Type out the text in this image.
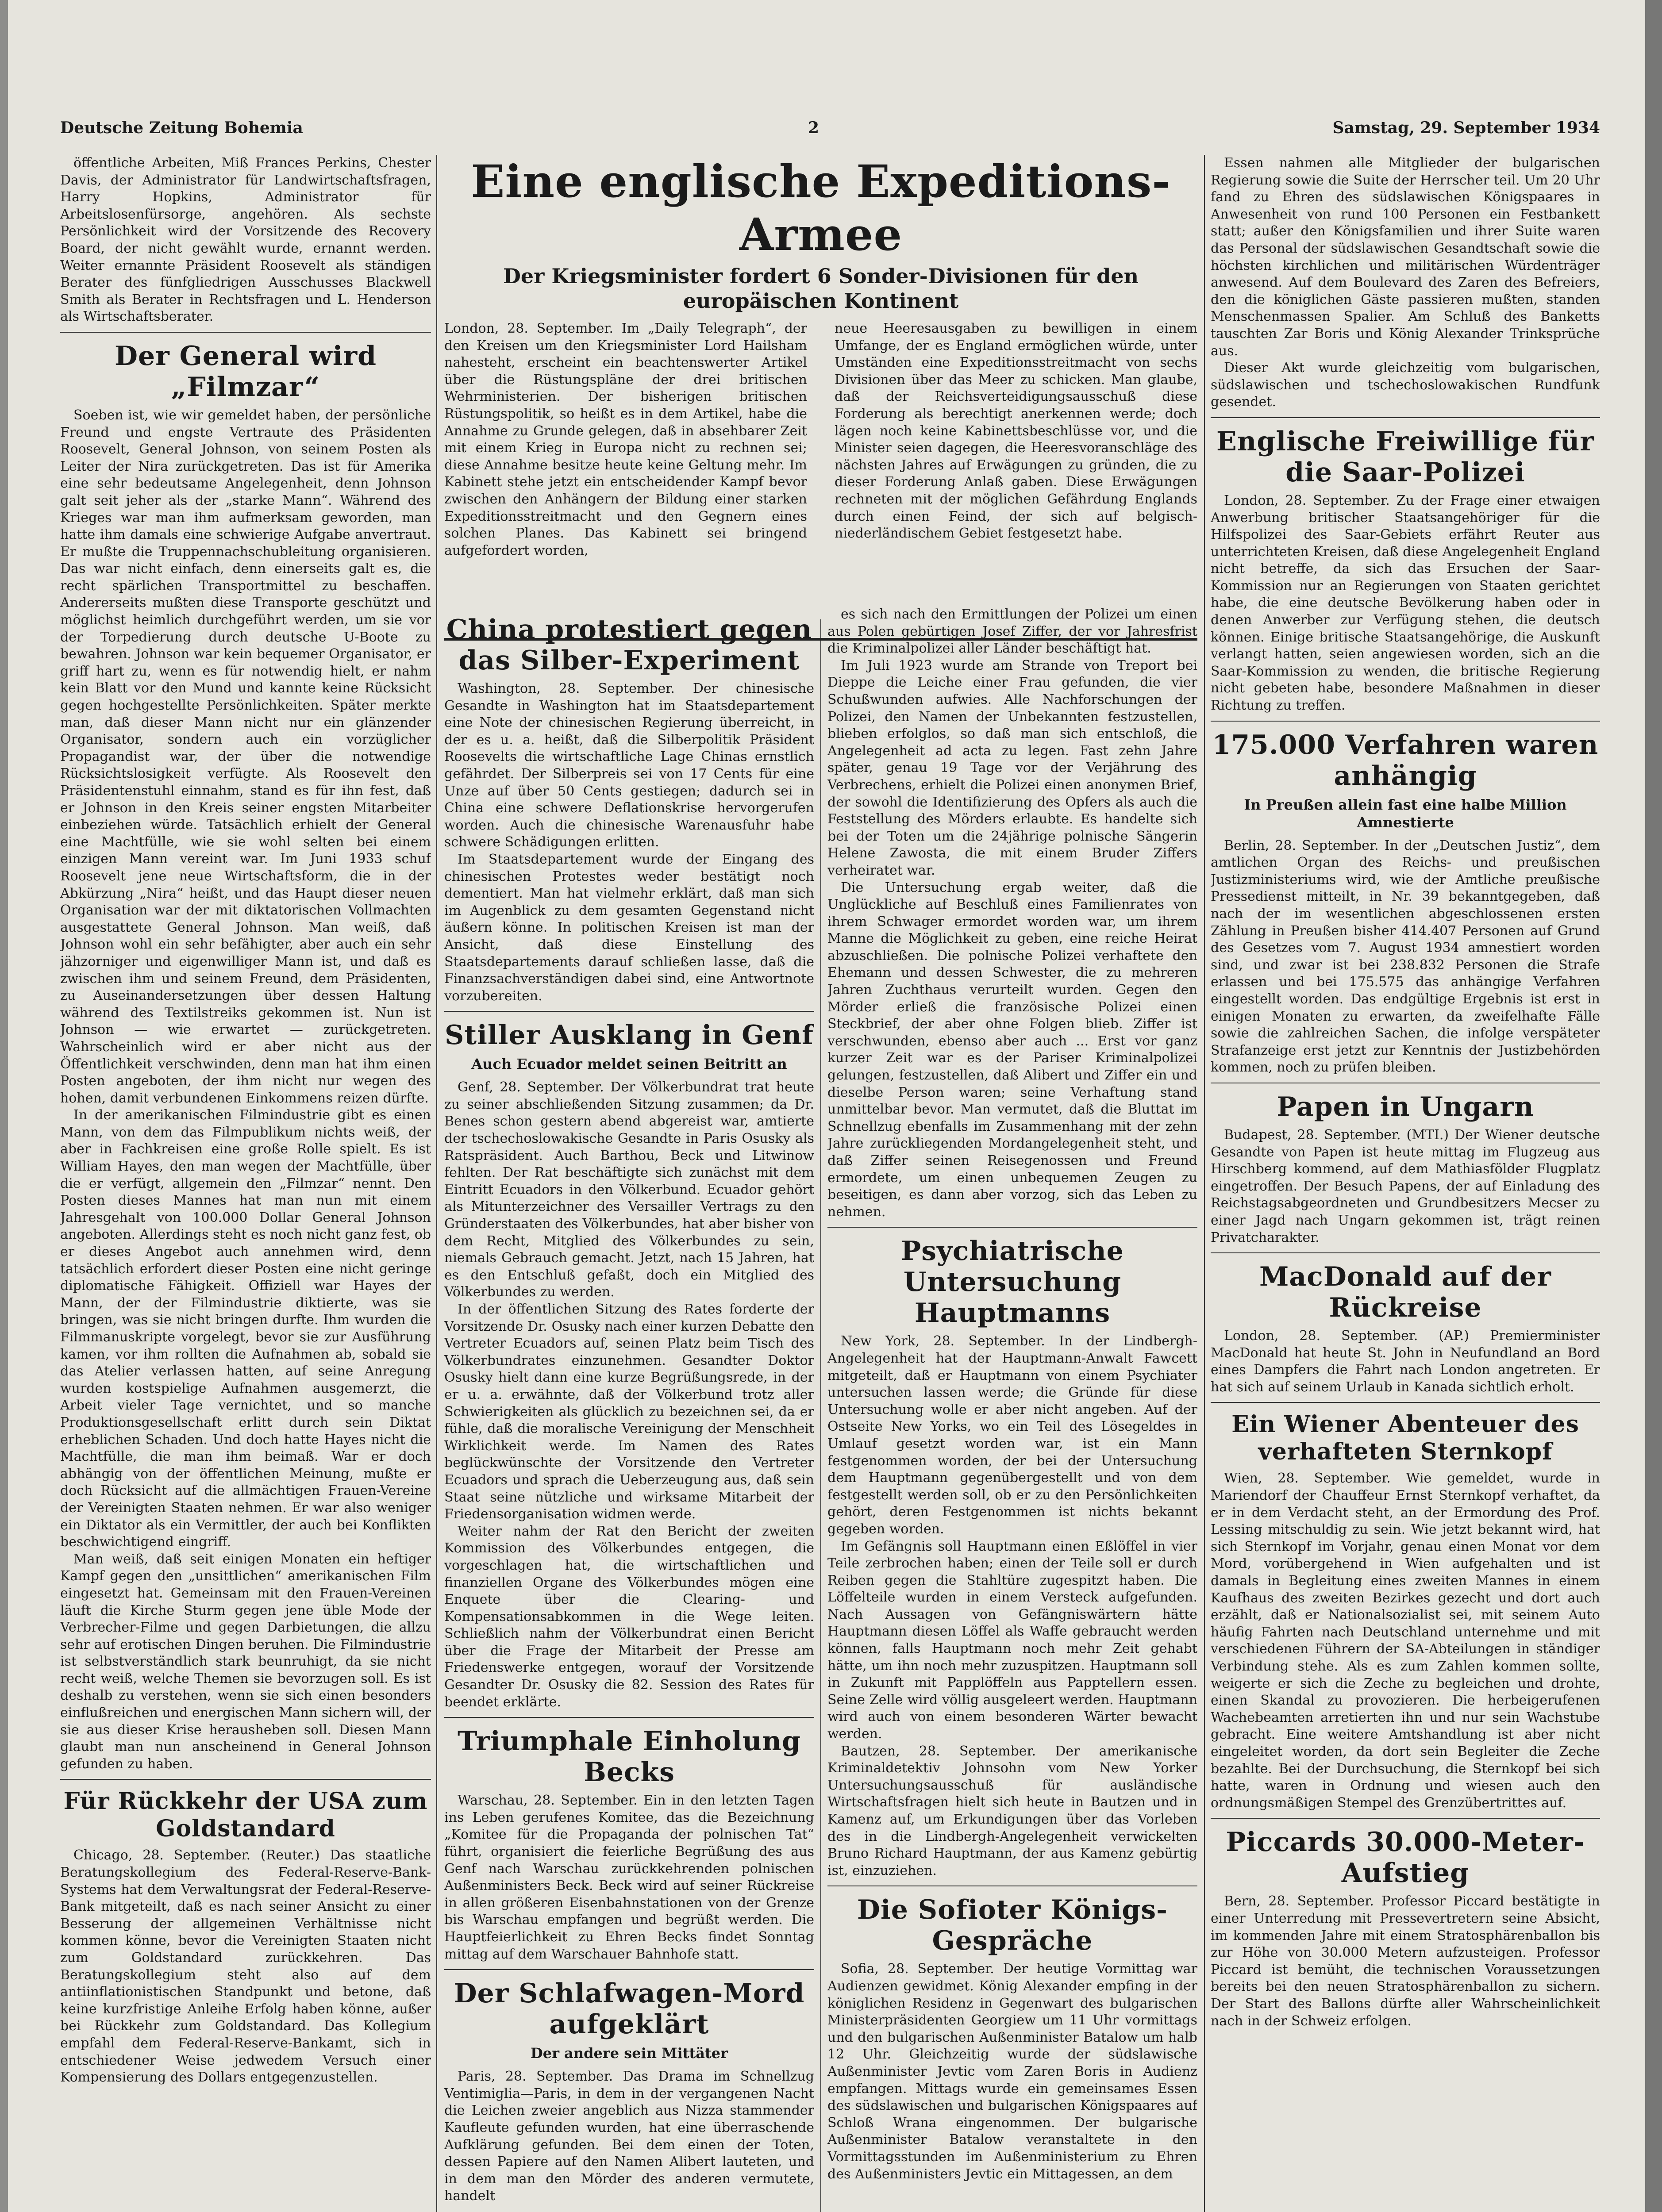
Deutsche Zeitung Bohemia	2	Samstag, 29. September 1934

öffentliche Arbeiten, Miß Frances Perkins, Chester Davis, der Administrator für Landwirtschaftsfragen, Harry Hopkins, Administrator für Arbeitslosenfürsorge, angehören. Als sechste Persönlichkeit wird der Vorsitzende des Recovery Board, der nicht gewählt wurde, ernannt werden. Weiter ernannte Präsident Roosevelt als ständigen Berater des fünfgliedrigen Ausschusses Blackwell Smith als Berater in Rechtsfragen und L. Henderson als Wirtschaftsberater.

Der General wird „Filmzar“

Soeben ist, wie wir gemeldet haben, der persönliche Freund und engste Vertraute des Präsidenten Roosevelt, General Johnson, von seinem Posten als Leiter der Nira zurückgetreten. Das ist für Amerika eine sehr bedeutsame Angelegenheit, denn Johnson galt seit jeher als der „starke Mann“. Während des Krieges war man ihm aufmerksam geworden, man hatte ihm damals eine schwierige Aufgabe anvertraut. Er mußte die Truppennachschubleitung organisieren. Das war nicht einfach, denn einerseits galt es, die recht spärlichen Transportmittel zu beschaffen. Andererseits mußten diese Transporte geschützt und möglichst heimlich durchgeführt werden, um sie vor der Torpedierung durch deutsche U-Boote zu bewahren. Johnson war kein bequemer Organisator, er griff hart zu, wenn es für notwendig hielt, er nahm kein Blatt vor den Mund und kannte keine Rücksicht gegen hochgestellte Persönlichkeiten. Später merkte man, daß dieser Mann nicht nur ein glänzender Organisator, sondern auch ein vorzüglicher Propagandist war, der über die notwendige Rücksichtslosigkeit verfügte. Als Roosevelt den Präsidentenstuhl einnahm, stand es für ihn fest, daß er Johnson in den Kreis seiner engsten Mitarbeiter einbeziehen würde. Tatsächlich erhielt der General eine Machtfülle, wie sie wohl selten bei einem einzigen Mann vereint war. Im Juni 1933 schuf Roosevelt jene neue Wirtschaftsform, die in der Abkürzung „Nira“ heißt, und das Haupt dieser neuen Organisation war der mit diktatorischen Vollmachten ausgestattete General Johnson. Man weiß, daß Johnson wohl ein sehr befähigter, aber auch ein sehr jähzorniger und eigenwilliger Mann ist, und daß es zwischen ihm und seinem Freund, dem Präsidenten, zu Auseinandersetzungen über dessen Haltung während des Textilstreiks gekommen ist. Nun ist Johnson — wie erwartet — zurückgetreten. Wahrscheinlich wird er aber nicht aus der Öffentlichkeit verschwinden, denn man hat ihm einen Posten angeboten, der ihm nicht nur wegen des hohen, damit verbundenen Einkommens reizen dürfte.

In der amerikanischen Filmindustrie gibt es einen Mann, von dem das Filmpublikum nichts weiß, der aber in Fachkreisen eine große Rolle spielt. Es ist William Hayes, den man wegen der Machtfülle, über die er verfügt, allgemein den „Filmzar“ nennt. Den Posten dieses Mannes hat man nun mit einem Jahresgehalt von 100.000 Dollar General Johnson angeboten. Allerdings steht es noch nicht ganz fest, ob er dieses Angebot auch annehmen wird, denn tatsächlich erfordert dieser Posten eine nicht geringe diplomatische Fähigkeit. Offiziell war Hayes der Mann, der der Filmindustrie diktierte, was sie bringen, was sie nicht bringen durfte. Ihm wurden die Filmmanuskripte vorgelegt, bevor sie zur Ausführung kamen, vor ihm rollten die Aufnahmen ab, sobald sie das Atelier verlassen hatten, auf seine Anregung wurden kostspielige Aufnahmen ausgemerzt, die Arbeit vieler Tage vernichtet, und so manche Produktionsgesellschaft erlitt durch sein Diktat erheblichen Schaden. Und doch hatte Hayes nicht die Machtfülle, die man ihm beimaß. War er doch abhängig von der öffentlichen Meinung, mußte er doch Rücksicht auf die allmächtigen Frauen-Vereine der Vereinigten Staaten nehmen. Er war also weniger ein Diktator als ein Vermittler, der auch bei Konflikten beschwichtigend eingriff.

Man weiß, daß seit einigen Monaten ein heftiger Kampf gegen den „unsittlichen“ amerikanischen Film eingesetzt hat. Gemeinsam mit den Frauen-Vereinen läuft die Kirche Sturm gegen jene üble Mode der Verbrecher-Filme und gegen Darbietungen, die allzu sehr auf erotischen Dingen beruhen. Die Filmindustrie ist selbstverständlich stark beunruhigt, da sie nicht recht weiß, welche Themen sie bevorzugen soll. Es ist deshalb zu verstehen, wenn sie sich einen besonders einflußreichen und energischen Mann sichern will, der sie aus dieser Krise herausheben soll. Diesen Mann glaubt man nun anscheinend in General Johnson gefunden zu haben.

Für Rückkehr der USA zum Goldstandard

Chicago, 28. September. (Reuter.) Das staatliche Beratungskollegium des Federal-Reserve-Bank-Systems hat dem Verwaltungsrat der Federal-Reserve-Bank mitgeteilt, daß es nach seiner Ansicht zu einer Besserung der allgemeinen Verhältnisse nicht kommen könne, bevor die Vereinigten Staaten nicht zum Goldstandard zurückkehren. Das Beratungskollegium steht also auf dem antiinflationistischen Standpunkt und betone, daß keine kurzfristige Anleihe Erfolg haben könne, außer bei Rückkehr zum Goldstandard. Das Kollegium empfahl dem Federal-Reserve-Bankamt, sich in entschiedener Weise jedwedem Versuch einer Kompensierung des Dollars entgegenzustellen.

Eine englische Expeditions-Armee
Der Kriegsminister fordert 6 Sonder-Divisionen für den europäischen Kontinent
London, 28. September. Im „Daily Telegraph“, der den Kreisen um den Kriegsminister Lord Hailsham nahesteht, erscheint ein beachtenswerter Artikel über die Rüstungspläne der drei britischen Wehrministerien. Der bisherigen britischen Rüstungspolitik, so heißt es in dem Artikel, habe die Annahme zu Grunde gelegen, daß in absehbarer Zeit mit einem Krieg in Europa nicht zu rechnen sei; diese Annahme besitze heute keine Geltung mehr. Im Kabinett stehe jetzt ein entscheidender Kampf bevor zwischen den Anhängern der Bildung einer starken Expeditionsstreitmacht und den Gegnern eines solchen Planes. Das Kabinett sei bringend aufgefordert worden,
neue Heeresausgaben zu bewilligen in einem Umfange, der es England ermöglichen würde, unter Umständen eine Expeditionsstreitmacht von sechs Divisionen über das Meer zu schicken. Man glaube, daß der Reichsverteidigungsausschuß diese Forderung als berechtigt anerkennen werde; doch lägen noch keine Kabinettsbeschlüsse vor, und die Minister seien dagegen, die Heeresvoranschläge des nächsten Jahres auf Erwägungen zu gründen, die zu dieser Forderung Anlaß gaben. Diese Erwägungen rechneten mit der möglichen Gefährdung Englands durch einen Feind, der sich auf belgisch-niederländischem Gebiet festgesetzt habe.
China protestiert gegen das Silber-Experiment

Washington, 28. September. Der chinesische Gesandte in Washington hat im Staatsdepartement eine Note der chinesischen Regierung überreicht, in der es u. a. heißt, daß die Silberpolitik Präsident Roosevelts die wirtschaftliche Lage Chinas ernstlich gefährdet. Der Silberpreis sei von 17 Cents für eine Unze auf über 50 Cents gestiegen; dadurch sei in China eine schwere Deflationskrise hervorgerufen worden. Auch die chinesische Warenausfuhr habe schwere Schädigungen erlitten.

Im Staatsdepartement wurde der Eingang des chinesischen Protestes weder bestätigt noch dementiert. Man hat vielmehr erklärt, daß man sich im Augenblick zu dem gesamten Gegenstand nicht äußern könne. In politischen Kreisen ist man der Ansicht, daß diese Einstellung des Staatsdepartements darauf schließen lasse, daß die Finanzsachverständigen dabei sind, eine Antwortnote vorzubereiten.

Stiller Ausklang in Genf
Auch Ecuador meldet seinen Beitritt an

Genf, 28. September. Der Völkerbundrat trat heute zu seiner abschließenden Sitzung zusammen; da Dr. Benes schon gestern abend abgereist war, amtierte der tschechoslowakische Gesandte in Paris Osusky als Ratspräsident. Auch Barthou, Beck und Litwinow fehlten. Der Rat beschäftigte sich zunächst mit dem Eintritt Ecuadors in den Völkerbund. Ecuador gehört als Mitunterzeichner des Versailler Vertrags zu den Gründerstaaten des Völkerbundes, hat aber bisher von dem Recht, Mitglied des Völkerbundes zu sein, niemals Gebrauch gemacht. Jetzt, nach 15 Jahren, hat es den Entschluß gefaßt, doch ein Mitglied des Völkerbundes zu werden.

In der öffentlichen Sitzung des Rates forderte der Vorsitzende Dr. Osusky nach einer kurzen Debatte den Vertreter Ecuadors auf, seinen Platz beim Tisch des Völkerbundrates einzunehmen. Gesandter Doktor Osusky hielt dann eine kurze Begrüßungsrede, in der er u. a. erwähnte, daß der Völkerbund trotz aller Schwierigkeiten als glücklich zu bezeichnen sei, da er fühle, daß die moralische Vereinigung der Menschheit Wirklichkeit werde. Im Namen des Rates beglückwünschte der Vorsitzende den Vertreter Ecuadors und sprach die Ueberzeugung aus, daß sein Staat seine nützliche und wirksame Mitarbeit der Friedensorganisation widmen werde.

Weiter nahm der Rat den Bericht der zweiten Kommission des Völkerbundes entgegen, die vorgeschlagen hat, die wirtschaftlichen und finanziellen Organe des Völkerbundes mögen eine Enquete über die Clearing- und Kompensationsabkommen in die Wege leiten. Schließlich nahm der Völkerbundrat einen Bericht über die Frage der Mitarbeit der Presse am Friedenswerke entgegen, worauf der Vorsitzende Gesandter Dr. Osusky die 82. Session des Rates für beendet erklärte.

Triumphale Einholung Becks

Warschau, 28. September. Ein in den letzten Tagen ins Leben gerufenes Komitee, das die Bezeichnung „Komitee für die Propaganda der polnischen Tat“ führt, organisiert die feierliche Begrüßung des aus Genf nach Warschau zurückkehrenden polnischen Außenministers Beck. Beck wird auf seiner Rückreise in allen größeren Eisenbahnstationen von der Grenze bis Warschau empfangen und begrüßt werden. Die Hauptfeierlichkeit zu Ehren Becks findet Sonntag mittag auf dem Warschauer Bahnhofe statt.

Der Schlafwagen-Mord aufgeklärt
Der andere sein Mittäter

Paris, 28. September. Das Drama im Schnellzug Ventimiglia—Paris, in dem in der vergangenen Nacht die Leichen zweier angeblich aus Nizza stammender Kaufleute gefunden wurden, hat eine überraschende Aufklärung gefunden. Bei dem einen der Toten, dessen Papiere auf den Namen Alibert lauteten, und in dem man den Mörder des anderen vermutete, handelt

es sich nach den Ermittlungen der Polizei um einen aus Polen gebürtigen Josef Ziffer, der vor Jahresfrist die Kriminalpolizei aller Länder beschäftigt hat.

Im Juli 1923 wurde am Strande von Treport bei Dieppe die Leiche einer Frau gefunden, die vier Schußwunden aufwies. Alle Nachforschungen der Polizei, den Namen der Unbekannten festzustellen, blieben erfolglos, so daß man sich entschloß, die Angelegenheit ad acta zu legen. Fast zehn Jahre später, genau 19 Tage vor der Verjährung des Verbrechens, erhielt die Polizei einen anonymen Brief, der sowohl die Identifizierung des Opfers als auch die Feststellung des Mörders erlaubte. Es handelte sich bei der Toten um die 24jährige polnische Sängerin Helene Zawosta, die mit einem Bruder Ziffers verheiratet war.

Die Untersuchung ergab weiter, daß die Unglückliche auf Beschluß eines Familienrates von ihrem Schwager ermordet worden war, um ihrem Manne die Möglichkeit zu geben, eine reiche Heirat abzuschließen. Die polnische Polizei verhaftete den Ehemann und dessen Schwester, die zu mehreren Jahren Zuchthaus verurteilt wurden. Gegen den Mörder erließ die französische Polizei einen Steckbrief, der aber ohne Folgen blieb. Ziffer ist verschwunden, ebenso aber auch ... Erst vor ganz kurzer Zeit war es der Pariser Kriminalpolizei gelungen, festzustellen, daß Alibert und Ziffer ein und dieselbe Person waren; seine Verhaftung stand unmittelbar bevor. Man vermutet, daß die Bluttat im Schnellzug ebenfalls im Zusammenhang mit der zehn Jahre zurückliegenden Mordangelegenheit steht, und daß Ziffer seinen Reisegenossen und Freund ermordete, um einen unbequemen Zeugen zu beseitigen, es dann aber vorzog, sich das Leben zu nehmen.

Psychiatrische Untersuchung Hauptmanns

New York, 28. September. In der Lindbergh-Angelegenheit hat der Hauptmann-Anwalt Fawcett mitgeteilt, daß er Hauptmann von einem Psychiater untersuchen lassen werde; die Gründe für diese Untersuchung wolle er aber nicht angeben. Auf der Ostseite New Yorks, wo ein Teil des Lösegeldes in Umlauf gesetzt worden war, ist ein Mann festgenommen worden, der bei der Untersuchung dem Hauptmann gegenübergestellt und von dem festgestellt werden soll, ob er zu den Persönlichkeiten gehört, deren Festgenommen ist nichts bekannt gegeben worden.

Im Gefängnis soll Hauptmann einen Eßlöffel in vier Teile zerbrochen haben; einen der Teile soll er durch Reiben gegen die Stahltüre zugespitzt haben. Die Löffelteile wurden in einem Versteck aufgefunden. Nach Aussagen von Gefängniswärtern hätte Hauptmann diesen Löffel als Waffe gebraucht werden können, falls Hauptmann noch mehr Zeit gehabt hätte, um ihn noch mehr zuzuspitzen. Hauptmann soll in Zukunft mit Papplöffeln aus Papptellern essen. Seine Zelle wird völlig ausgeleert werden. Hauptmann wird auch von einem besonderen Wärter bewacht werden.

Bautzen, 28. September. Der amerikanische Kriminaldetektiv Johnsohn vom New Yorker Untersuchungsausschuß für ausländische Wirtschaftsfragen hielt sich heute in Bautzen und in Kamenz auf, um Erkundigungen über das Vorleben des in die Lindbergh-Angelegenheit verwickelten Bruno Richard Hauptmann, der aus Kamenz gebürtig ist, einzuziehen.

Die Sofioter Königs-Gespräche

Sofia, 28. September. Der heutige Vormittag war Audienzen gewidmet. König Alexander empfing in der königlichen Residenz in Gegenwart des bulgarischen Ministerpräsidenten Georgiew um 11 Uhr vormittags und den bulgarischen Außenminister Batalow um halb 12 Uhr. Gleichzeitig wurde der südslawische Außenminister Jevtic vom Zaren Boris in Audienz empfangen. Mittags wurde ein gemeinsames Essen des südslawischen und bulgarischen Königspaares auf Schloß Wrana eingenommen. Der bulgarische Außenminister Batalow veranstaltete in den Vormittagsstunden im Außenministerium zu Ehren des Außenministers Jevtic ein Mittagessen, an dem

Essen nahmen alle Mitglieder der bulgarischen Regierung sowie die Suite der Herrscher teil. Um 20 Uhr fand zu Ehren des südslawischen Königspaares in Anwesenheit von rund 100 Personen ein Festbankett statt; außer den Königsfamilien und ihrer Suite waren das Personal der südslawischen Gesandtschaft sowie die höchsten kirchlichen und militärischen Würdenträger anwesend. Auf dem Boulevard des Zaren des Befreiers, den die königlichen Gäste passieren mußten, standen Menschenmassen Spalier. Am Schluß des Banketts tauschten Zar Boris und König Alexander Trinksprüche aus.

Dieser Akt wurde gleichzeitig vom bulgarischen, südslawischen und tschechoslowakischen Rundfunk gesendet.

Englische Freiwillige für die Saar-Polizei

London, 28. September. Zu der Frage einer etwaigen Anwerbung britischer Staatsangehöriger für die Hilfspolizei des Saar-Gebiets erfährt Reuter aus unterrichteten Kreisen, daß diese Angelegenheit England nicht betreffe, da sich das Ersuchen der Saar-Kommission nur an Regierungen von Staaten gerichtet habe, die eine deutsche Bevölkerung haben oder in denen Anwerber zur Verfügung stehen, die deutsch können. Einige britische Staatsangehörige, die Auskunft verlangt hatten, seien angewiesen worden, sich an die Saar-Kommission zu wenden, die britische Regierung nicht gebeten habe, besondere Maßnahmen in dieser Richtung zu treffen.

175.000 Verfahren waren anhängig
In Preußen allein fast eine halbe Million Amnestierte

Berlin, 28. September. In der „Deutschen Justiz“, dem amtlichen Organ des Reichs- und preußischen Justizministeriums wird, wie der Amtliche preußische Pressedienst mitteilt, in Nr. 39 bekanntgegeben, daß nach der im wesentlichen abgeschlossenen ersten Zählung in Preußen bisher 414.407 Personen auf Grund des Gesetzes vom 7. August 1934 amnestiert worden sind, und zwar ist bei 238.832 Personen die Strafe erlassen und bei 175.575 das anhängige Verfahren eingestellt worden. Das endgültige Ergebnis ist erst in einigen Monaten zu erwarten, da zweifelhafte Fälle sowie die zahlreichen Sachen, die infolge verspäteter Strafanzeige erst jetzt zur Kenntnis der Justizbehörden kommen, noch zu prüfen bleiben.

Papen in Ungarn

Budapest, 28. September. (MTI.) Der Wiener deutsche Gesandte von Papen ist heute mittag im Flugzeug aus Hirschberg kommend, auf dem Mathiasfölder Flugplatz eingetroffen. Der Besuch Papens, der auf Einladung des Reichstagsabgeordneten und Grundbesitzers Mecser zu einer Jagd nach Ungarn gekommen ist, trägt reinen Privatcharakter.

MacDonald auf der Rückreise

London, 28. September. (AP.) Premierminister MacDonald hat heute St. John in Neufundland an Bord eines Dampfers die Fahrt nach London angetreten. Er hat sich auf seinem Urlaub in Kanada sichtlich erholt.

Ein Wiener Abenteuer des verhafteten Sternkopf

Wien, 28. September. Wie gemeldet, wurde in Mariendorf der Chauffeur Ernst Sternkopf verhaftet, da er in dem Verdacht steht, an der Ermordung des Prof. Lessing mitschuldig zu sein. Wie jetzt bekannt wird, hat sich Sternkopf im Vorjahr, genau einen Monat vor dem Mord, vorübergehend in Wien aufgehalten und ist damals in Begleitung eines zweiten Mannes in einem Kaufhaus des zweiten Bezirkes gezecht und dort auch erzählt, daß er Nationalsozialist sei, mit seinem Auto häufig Fahrten nach Deutschland unternehme und mit verschiedenen Führern der SA-Abteilungen in ständiger Verbindung stehe. Als es zum Zahlen kommen sollte, weigerte er sich die Zeche zu begleichen und drohte, einen Skandal zu provozieren. Die herbeigerufenen Wachebeamten arretierten ihn und nur sein Wachstube gebracht. Eine weitere Amtshandlung ist aber nicht eingeleitet worden, da dort sein Begleiter die Zeche bezahlte. Bei der Durchsuchung, die Sternkopf bei sich hatte, waren in Ordnung und wiesen auch den ordnungsmäßigen Stempel des Grenzübertrittes auf.

Piccards 30.000-Meter-Aufstieg

Bern, 28. September. Professor Piccard bestätigte in einer Unterredung mit Pressevertretern seine Absicht, im kommenden Jahre mit einem Stratosphärenballon bis zur Höhe von 30.000 Metern aufzusteigen. Professor Piccard ist bemüht, die technischen Voraussetzungen bereits bei den neuen Stratosphärenballon zu sichern. Der Start des Ballons dürfte aller Wahrscheinlichkeit nach in der Schweiz erfolgen.
